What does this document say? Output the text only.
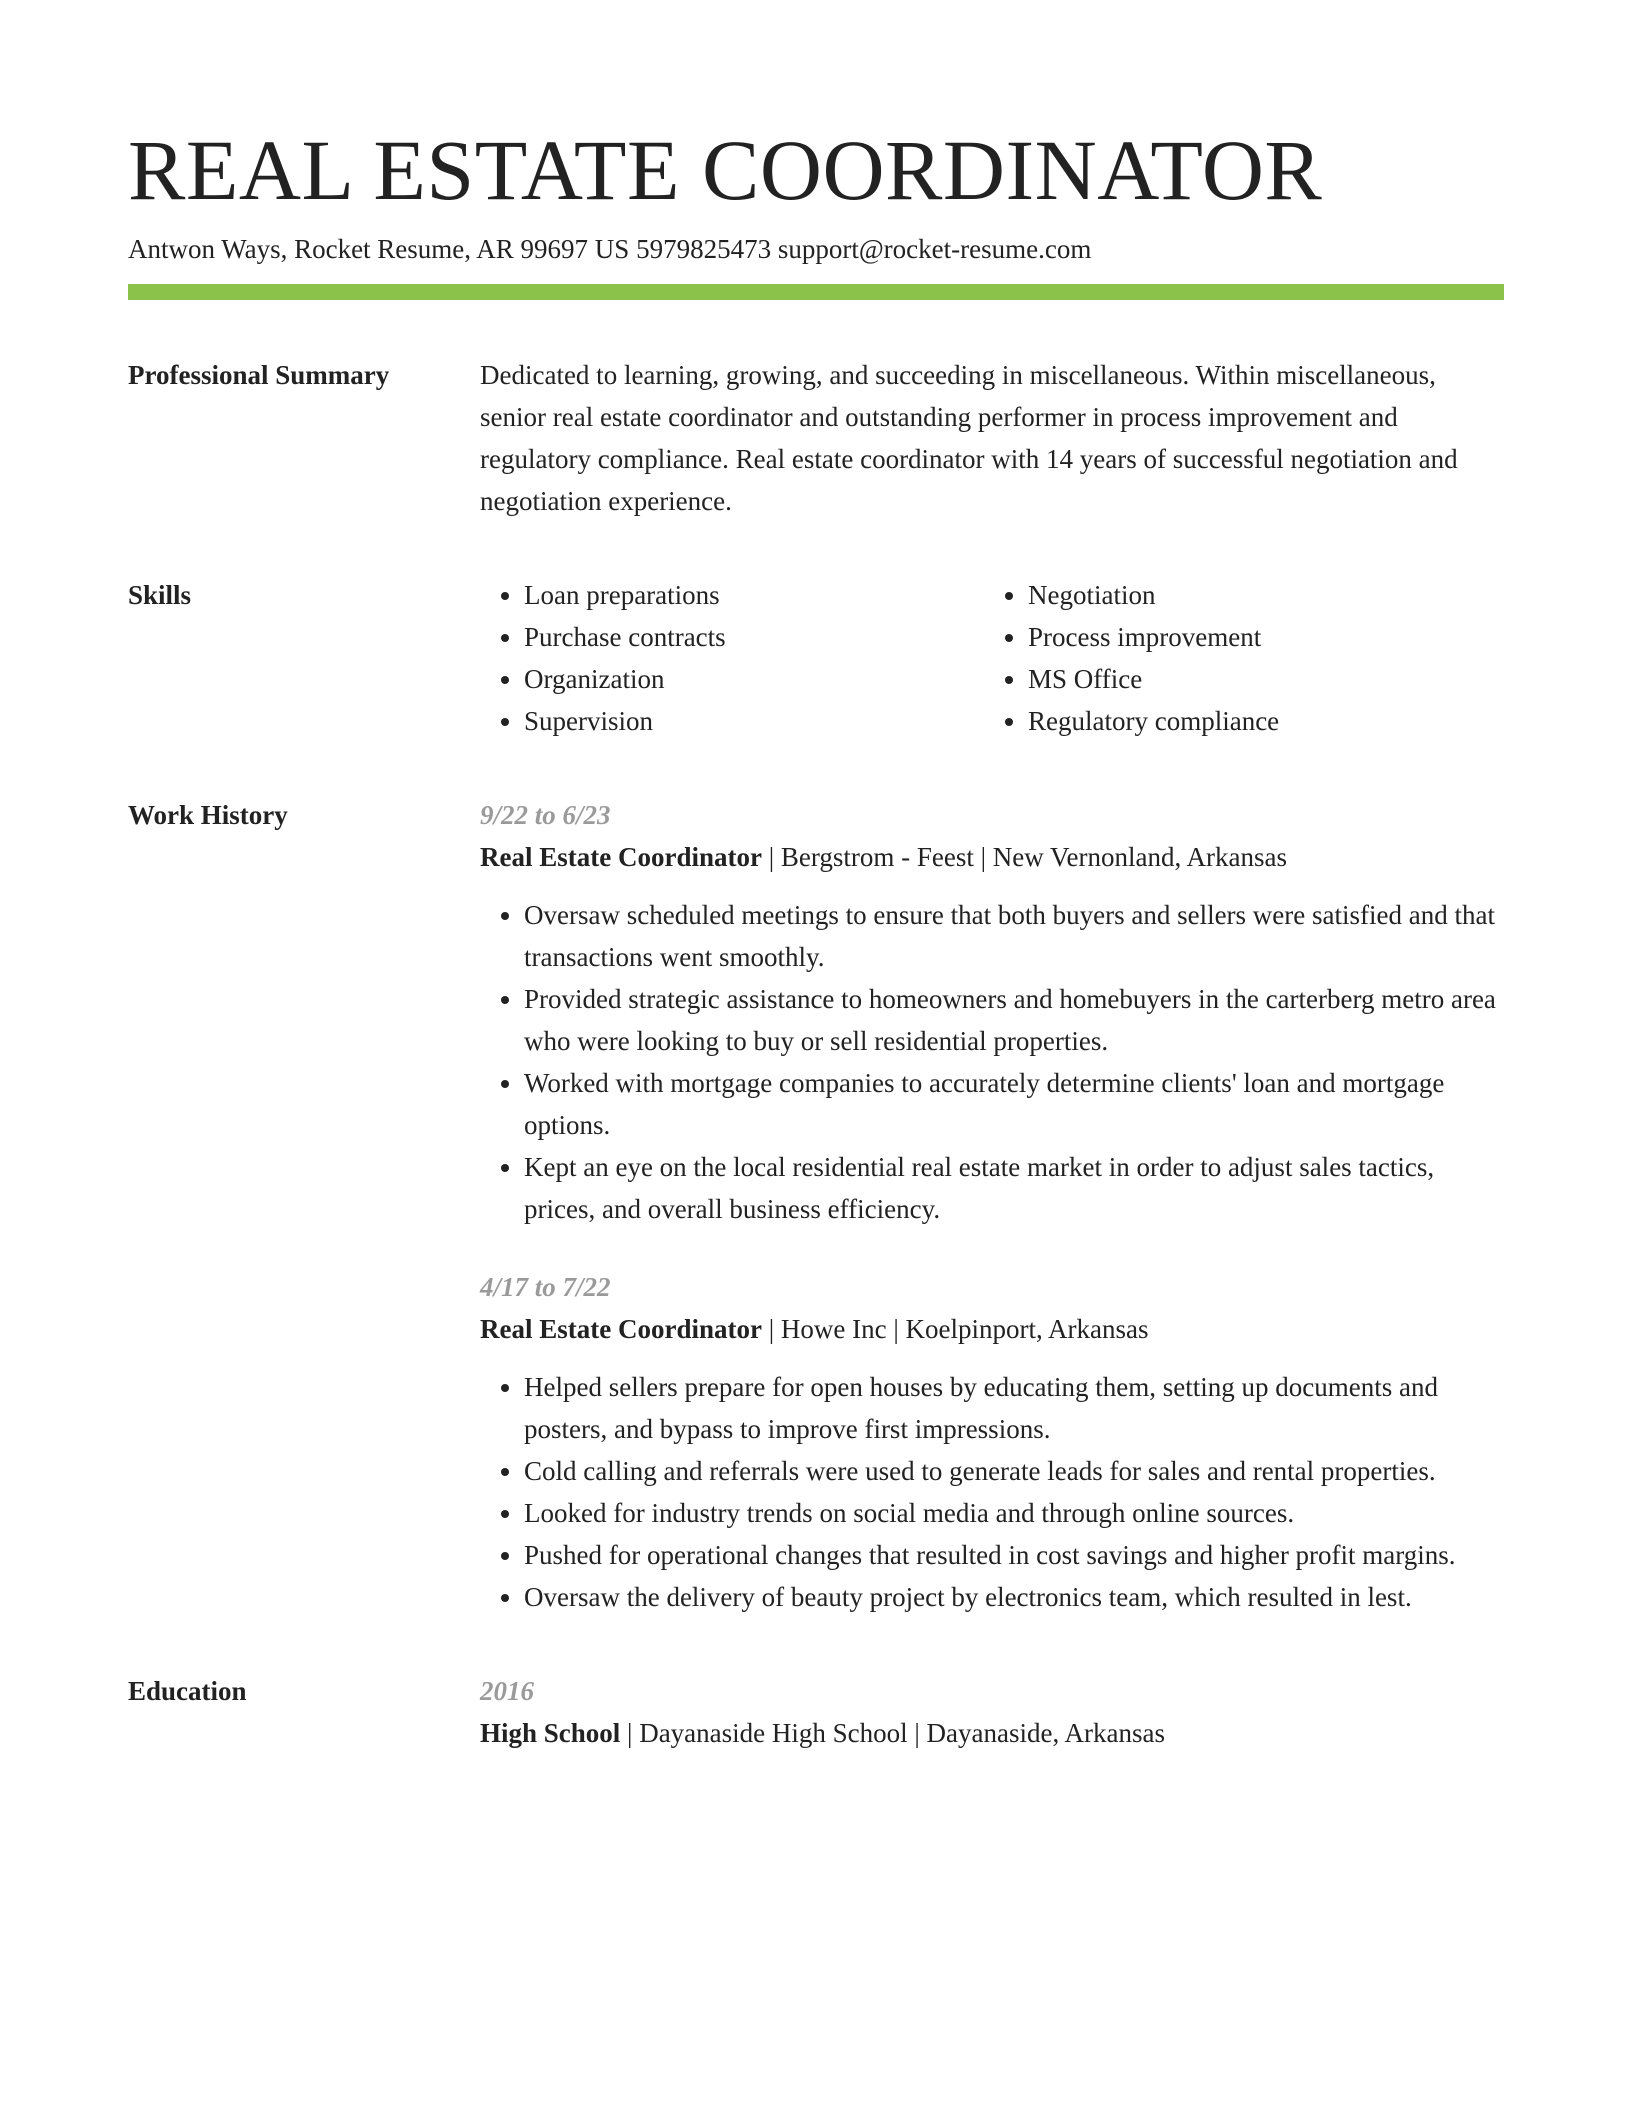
REAL ESTATE COORDINATOR
Antwon Ways, Rocket Resume, AR 99697 US 5979825473 support@rocket-resume.com
Professional Summary	Dedicated to learning, growing, and succeeding in miscellaneous. Within miscellaneous, senior real estate coordinator and outstanding performer in process improvement and regulatory compliance. Real estate coordinator with 14 years of successful negotiation and negotiation experience.

Skills
•	Loan preparations
• Purchase contracts
• Organization
• Supervision
• Negotiation
• Process improvement
• MS Office
• Regulatory compliance
Work History	9/22 to 6/23
Real Estate Coordinator | Bergstrom - Feest | New Vernonland, Arkansas
• Oversaw scheduled meetings to ensure that both buyers and sellers were satisfied and that transactions went smoothly.
• Provided strategic assistance to homeowners and homebuyers in the carterberg metro area who were looking to buy or sell residential properties.
• Worked with mortgage companies to accurately determine clients' loan and mortgage options.
• Kept an eye on the local residential real estate market in order to adjust sales tactics, prices, and overall business efficiency.
4/17 to 7/22
Real Estate Coordinator | Howe Inc | Koelpinport, Arkansas
• Helped sellers prepare for open houses by educating them, setting up documents and posters, and bypass to improve first impressions.
• Cold calling and referrals were used to generate leads for sales and rental properties.
• Looked for industry trends on social media and through online sources.
• Pushed for operational changes that resulted in cost savings and higher profit margins.
• Oversaw the delivery of beauty project by electronics team, which resulted in lest.
Education	2016
High School | Dayanaside High School | Dayanaside, Arkansas
